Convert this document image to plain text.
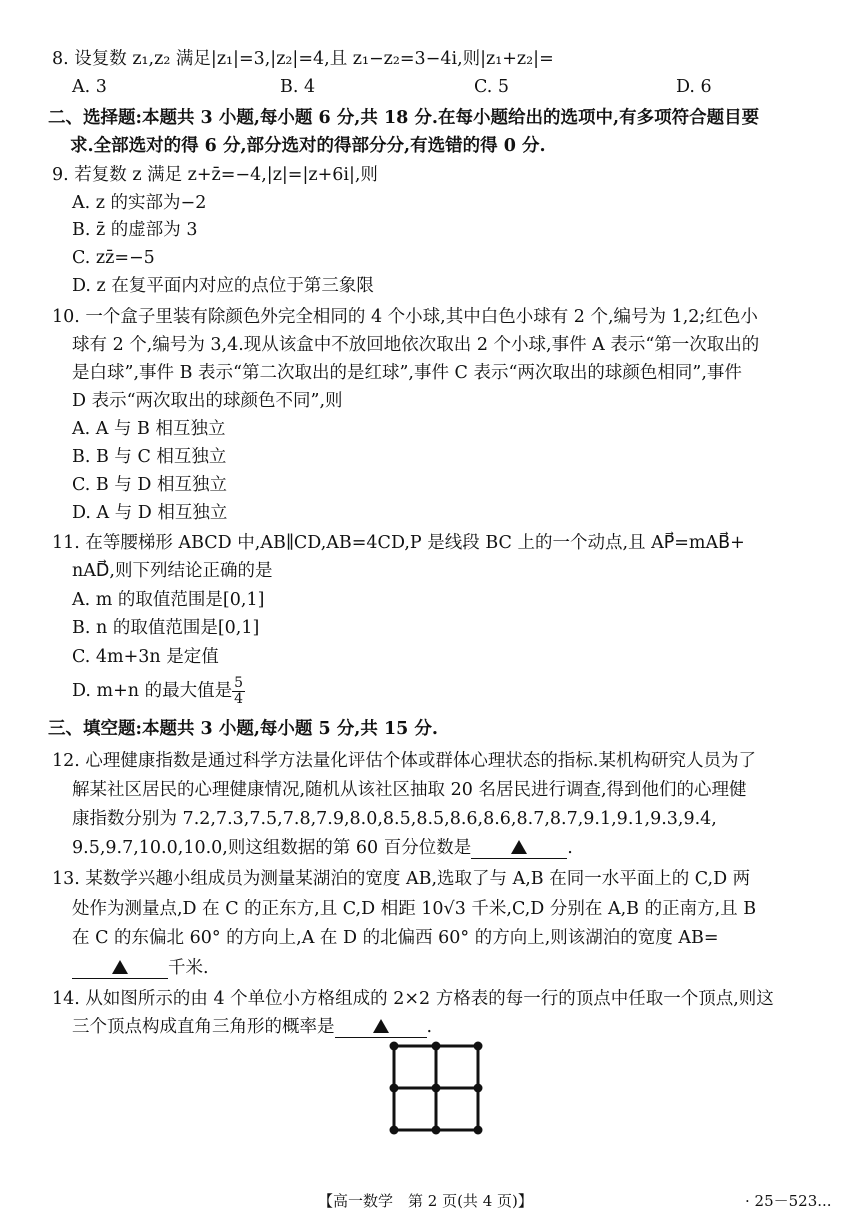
8. 设复数 z₁,z₂ 满足|z₁|=3,|z₂|=4,且 z₁−z₂=3−4i,则|z₁+z₂|=
A. 3	B. 4	C. 5	D. 6
二、选择题:本题共 3 小题,每小题 6 分,共 18 分.在每小题给出的选项中,有多项符合题目要
求.全部选对的得 6 分,部分选对的得部分分,有选错的得 0 分.
9. 若复数 z 满足 z+z̄=−4,|z|=|z+6i|,则
A. z 的实部为−2
B. z̄ 的虚部为 3
C. zz̄=−5
D. z 在复平面内对应的点位于第三象限
10. 一个盒子里装有除颜色外完全相同的 4 个小球,其中白色小球有 2 个,编号为 1,2;红色小
球有 2 个,编号为 3,4.现从该盒中不放回地依次取出 2 个小球,事件 A 表示“第一次取出的
是白球”,事件 B 表示“第二次取出的是红球”,事件 C 表示“两次取出的球颜色相同”,事件
D 表示“两次取出的球颜色不同”,则
A. A 与 B 相互独立
B. B 与 C 相互独立
C. B 与 D 相互独立
D. A 与 D 相互独立
11. 在等腰梯形 ABCD 中,AB∥CD,AB=4CD,P 是线段 BC 上的一个动点,且 AP⃗=mAB⃗+
nAD⃗,则下列结论正确的是
A. m 的取值范围是[0,1]
B. n 的取值范围是[0,1]
C. 4m+3n 是定值
D. m+n 的最大值是 $\frac{5}{4}$
三、填空题:本题共 3 小题,每小题 5 分,共 15 分.
12. 心理健康指数是通过科学方法量化评估个体或群体心理状态的指标.某机构研究人员为了
解某社区居民的心理健康情况,随机从该社区抽取 20 名居民进行调查,得到他们的心理健
康指数分别为 7.2,7.3,7.5,7.8,7.9,8.0,8.5,8.5,8.6,8.6,8.7,8.7,9.1,9.1,9.3,9.4,
9.5,9.7,10.0,10.0,则这组数据的第 60 百分位数是	.
13. 某数学兴趣小组成员为测量某湖泊的宽度 AB,选取了与 A,B 在同一水平面上的 C,D 两
处作为测量点,D 在 C 的正东方,且 C,D 相距 10√3 千米,C,D 分别在 A,B 的正南方,且 B
在 C 的东偏北 60° 的方向上,A 在 D 的北偏西 60° 的方向上,则该湖泊的宽度 AB=
千米.
14. 从如图所示的由 4 个单位小方格组成的 2×2 方格表的每一行的顶点中任取一个顶点,则这
三个顶点构成直角三角形的概率是	.
【高一数学　第 2 页(共 4 页)】	· 25－523...
